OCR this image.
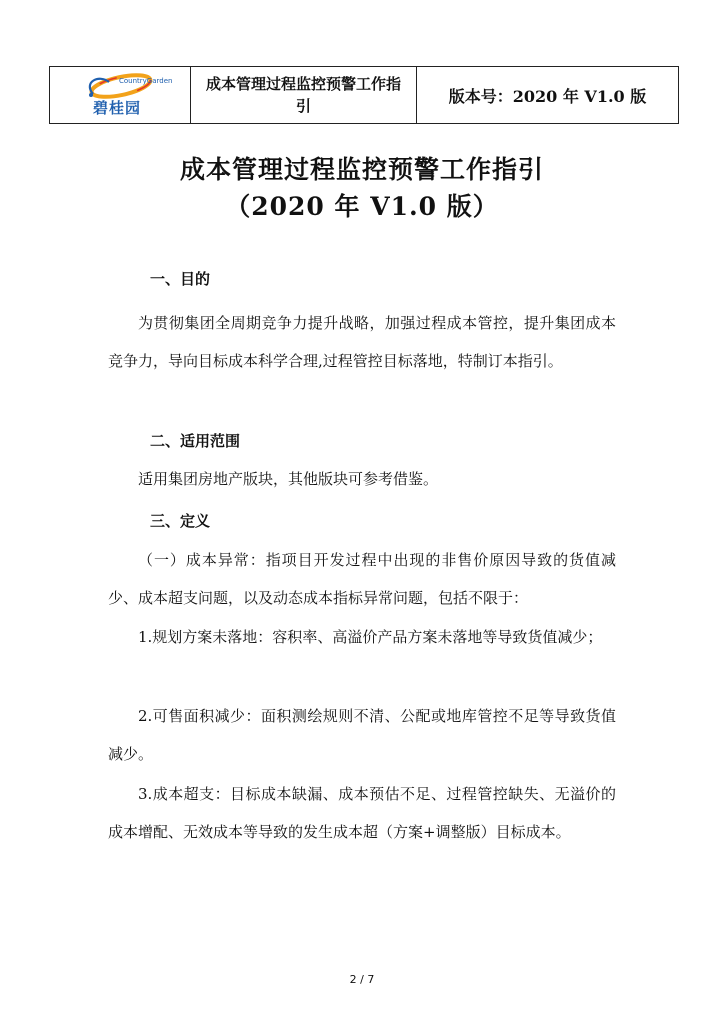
CountryGarden
碧桂园
成本管理过程监控预警工作指引
版本号：2020 年 V1.0 版
成本管理过程监控预警工作指引
（2020 年 V1.0 版）
一、目的
为贯彻集团全周期竞争力提升战略，加强过程成本管控，提升集团成本竞争力，导向目标成本科学合理,过程管控目标落地，特制订本指引。
二、适用范围
适用集团房地产版块，其他版块可参考借鉴。
三、定义
（一）成本异常：指项目开发过程中出现的非售价原因导致的货值减少、成本超支问题，以及动态成本指标异常问题，包括不限于：
1.规划方案未落地：容积率、高溢价产品方案未落地等导致货值减少；
2.可售面积减少：面积测绘规则不清、公配或地库管控不足等导致货值减少。
3.成本超支：目标成本缺漏、成本预估不足、过程管控缺失、无溢价的成本增配、无效成本等导致的发生成本超（方案+调整版）目标成本。
2 / 7
